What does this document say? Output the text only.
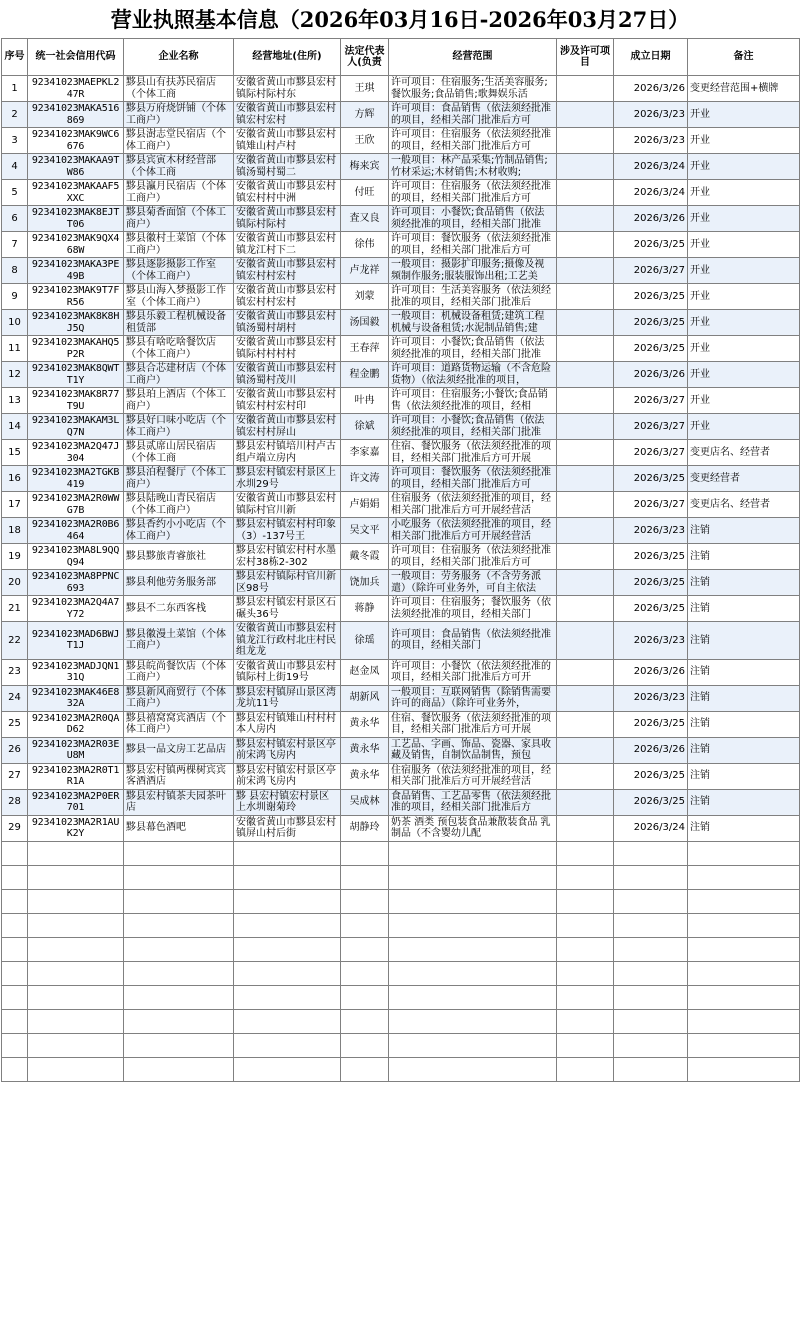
营业执照基本信息（2026年03月16日-2026年03月27日）
序号	统一社会信用代码	企业名称	经营地址(住所)	法定代表人(负责	经营范围	涉及许可项目	成立日期	备注
1	92341023MAEPKL247R	黟县山有扶苏民宿店（个体工商	安徽省黄山市黟县宏村镇际村际村东	王琪	许可项目：住宿服务;生活美容服务;餐饮服务;食品销售;歌舞娱乐活		2026/3/26	变更经营范围+横牌
2	92341023MAKA516869	黟县万府烧饼铺（个体工商户）	安徽省黄山市黟县宏村镇宏村宏村	方辉	许可项目：食品销售（依法须经批准的项目，经相关部门批准后方可		2026/3/23	开业
3	92341023MAK9WC6676	黟县澍志堂民宿店（个体工商户）	安徽省黄山市黟县宏村镇雉山村卢村	王欣	许可项目：住宿服务（依法须经批准的项目，经相关部门批准后方可		2026/3/23	开业
4	92341023MAKAA9TW86	黟县宾寅木材经营部（个体工商	安徽省黄山市黟县宏村镇汤蜀村蜀二	梅来宾	一般项目：林产品采集;竹制品销售;竹材采运;木材销售;木材收购;		2026/3/24	开业
5	92341023MAKAAF5XXC	黟县瀛月民宿店（个体工商户）	安徽省黄山市黟县宏村镇宏村村中洲	付旺	许可项目：住宿服务（依法须经批准的项目，经相关部门批准后方可		2026/3/24	开业
6	92341023MAK8EJTT06	黟县菊香面馆（个体工商户）	安徽省黄山市黟县宏村镇际村际村	査又良	许可项目：小餐饮;食品销售（依法须经批准的项目，经相关部门批准		2026/3/26	开业
7	92341023MAK9QX468W	黟县徽村土菜馆（个体工商户）	安徽省黄山市黟县宏村镇龙江村下二	徐伟	许可项目：餐饮服务（依法须经批准的项目，经相关部门批准后方可		2026/3/25	开业
8	92341023MAKA3PE49B	黟县逐影摄影工作室（个体工商户）	安徽省黄山市黟县宏村镇宏村村宏村	卢龙祥	一般项目：摄影扩印服务;摄像及视频制作服务;服装服饰出租;工艺美		2026/3/27	开业
9	92341023MAK9T7FR56	黟县山海入梦摄影工作室（个体工商户）	安徽省黄山市黟县宏村镇宏村村宏村	刘蒙	许可项目：生活美容服务（依法须经批准的项目，经相关部门批准后		2026/3/25	开业
10	92341023MAK8K8HJ5Q	黟县乐毅工程机械设备租赁部	安徽省黄山市黟县宏村镇汤蜀村胡村	汤国毅	一般项目：机械设备租赁;建筑工程机械与设备租赁;水泥制品销售;建		2026/3/25	开业
11	92341023MAKAHQ5P2R	黟县有啥吃啥餐饮店（个体工商户）	安徽省黄山市黟县宏村镇际村村村村	王春萍	许可项目：小餐饮;食品销售（依法须经批准的项目，经相关部门批准		2026/3/25	开业
12	92341023MAK8QWTT1Y	黟县合芯建材店（个体工商户）	安徽省黄山市黟县宏村镇汤蜀村茂川	程金鹏	许可项目：道路货物运输（不含危险货物）（依法须经批准的项目，		2026/3/26	开业
13	92341023MAK8R77T9U	黟县珀上酒店（个体工商户）	安徽省黄山市黟县宏村镇宏村村宏村印	叶冉	许可项目：住宿服务;小餐饮;食品销售（依法须经批准的项目，经相		2026/3/27	开业
14	92341023MAKAM3LQ7N	黟县好口味小吃店（个体工商户）	安徽省黄山市黟县宏村镇宏村村屏山	徐斌	许可项目：小餐饮;食品销售（依法须经批准的项目，经相关部门批准		2026/3/27	开业
15	92341023MA2Q47J304	黟县贰席山居民宿店（个体工商	黟县宏村镇培川村卢古组卢端立房内	李家嘉	住宿、餐饮服务（依法须经批准的项目，经相关部门批准后方可开展		2026/3/27	变更店名、经营者
16	92341023MA2TGKB419	黟县泊程餐厅（个体工商户）	黟县宏村镇宏村景区上水圳29号	许文涛	许可项目：餐饮服务（依法须经批准的项目，经相关部门批准后方可		2026/3/25	变更经营者
17	92341023MA2R0WWG7B	黟县陆晚山青民宿店（个体工商户）	安徽省黄山市黟县宏村镇际村官川新	卢娟娟	住宿服务（依法须经批准的项目，经相关部门批准后方可开展经营活		2026/3/27	变更店名、经营者
18	92341023MA2R0B6464	黟县香约小小吃店（个体工商户）	黟县宏村镇宏村村印象（3）-137号王	吴文平	小吃服务（依法须经批准的项目，经相关部门批准后方可开展经营活		2026/3/23	注销
19	92341023MA8L9QQQ94	黟县黟旅青睿旅社	黟县宏村镇宏村村水墨宏村38栋2-302	戴冬霞	许可项目：住宿服务（依法须经批准的项目，经相关部门批准后方可		2026/3/25	注销
20	92341023MA8PPNC693	黟县利他劳务服务部	黟县宏村镇际村官川新区98号	饶加兵	一般项目：劳务服务（不含劳务派遣）（除许可业务外，可自主依法		2026/3/25	注销
21	92341023MA2Q4A7Y72	黟县不二东西客栈	黟县宏村镇宏村景区石碾头36号	蒋静	许可项目：住宿服务；餐饮服务（依法须经批准的项目，经相关部门		2026/3/25	注销
22	92341023MAD6BWJT1J	黟县徽漫土菜馆（个体工商户）	安徽省黄山市黟县宏村镇龙江行政村北庄村民组龙龙	徐瑶	许可项目：食品销售（依法须经批准的项目，经相关部门		2026/3/23	注销
23	92341023MADJQN131Q	黟县皖尚餐饮店（个体工商户）	安徽省黄山市黟县宏村镇际村上街19号	赵金凤	许可项目：小餐饮（依法须经批准的项目，经相关部门批准后方可开		2026/3/26	注销
24	92341023MAK46E832A	黟县新风商贸行（个体工商户）	黟县宏村镇屏山景区湾龙坑11号	胡新风	一般项目：互联网销售（除销售需要许可的商品）（除许可业务外，		2026/3/23	注销
25	92341023MA2R0QAD62	黟县禧窝窝宾酒店（个体工商户）	黟县宏村镇雉山村村村本人房内	黄永华	住宿、餐饮服务（依法须经批准的项目，经相关部门批准后方可开展		2026/3/25	注销
26	92341023MA2R03EU8M	黟县一品文房工艺品店	黟县宏村镇宏村景区亭前宋鸿飞房内	黄永华	工艺品、字画、饰品、瓷器、家具收藏及销售，自制饮品制售，预包		2026/3/26	注销
27	92341023MA2R0T1R1A	黟县宏村镇两棵树宾宾客酒酒店	黟县宏村镇宏村景区亭前宋鸿飞房内	黄永华	住宿服务（依法须经批准的项目，经相关部门批准后方可开展经营活		2026/3/25	注销
28	92341023MA2P0ER701	黟县宏村镇茶夫园茶叶店	黟 县宏村镇宏村景区上水圳谢菊玲	吴成林	食品销售、工艺品零售（依法须经批准的项目，经相关部门批准后方		2026/3/25	注销
29	92341023MA2R1AUK2Y	黟县幕色酒吧	安徽省黄山市黟县宏村镇屏山村后街	胡静玲	奶茶 酒类 预包装食品兼散装食品 乳制品（不含婴幼儿配		2026/3/24	注销
